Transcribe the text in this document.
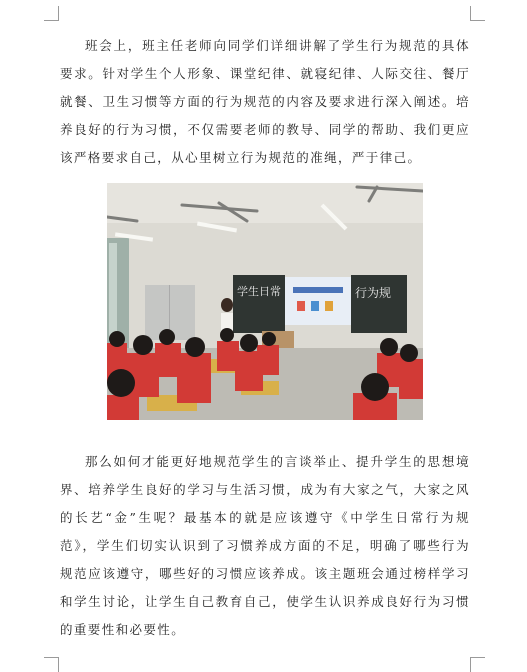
班会上，班主任老师向同学们详细讲解了学生行为规范的具体要求。针对学生个人形象、课堂纪律、就寝纪律、人际交往、餐厅就餐、卫生习惯等方面的行为规范的内容及要求进行深入阐述。培养良好的行为习惯，不仅需要老师的教导、同学的帮助、我们更应该严格要求自己，从心里树立行为规范的准绳，严于律己。

学生日常	行为规

那么如何才能更好地规范学生的言谈举止、提升学生的思想境界、培养学生良好的学习与生活习惯，成为有大家之气，大家之风的长艺“金”生呢？最基本的就是应该遵守《中学生日常行为规范》，学生们切实认识到了习惯养成方面的不足，明确了哪些行为规范应该遵守，哪些好的习惯应该养成。该主题班会通过榜样学习和学生讨论，让学生自己教育自己，使学生认识养成良好行为习惯的重要性和必要性。
